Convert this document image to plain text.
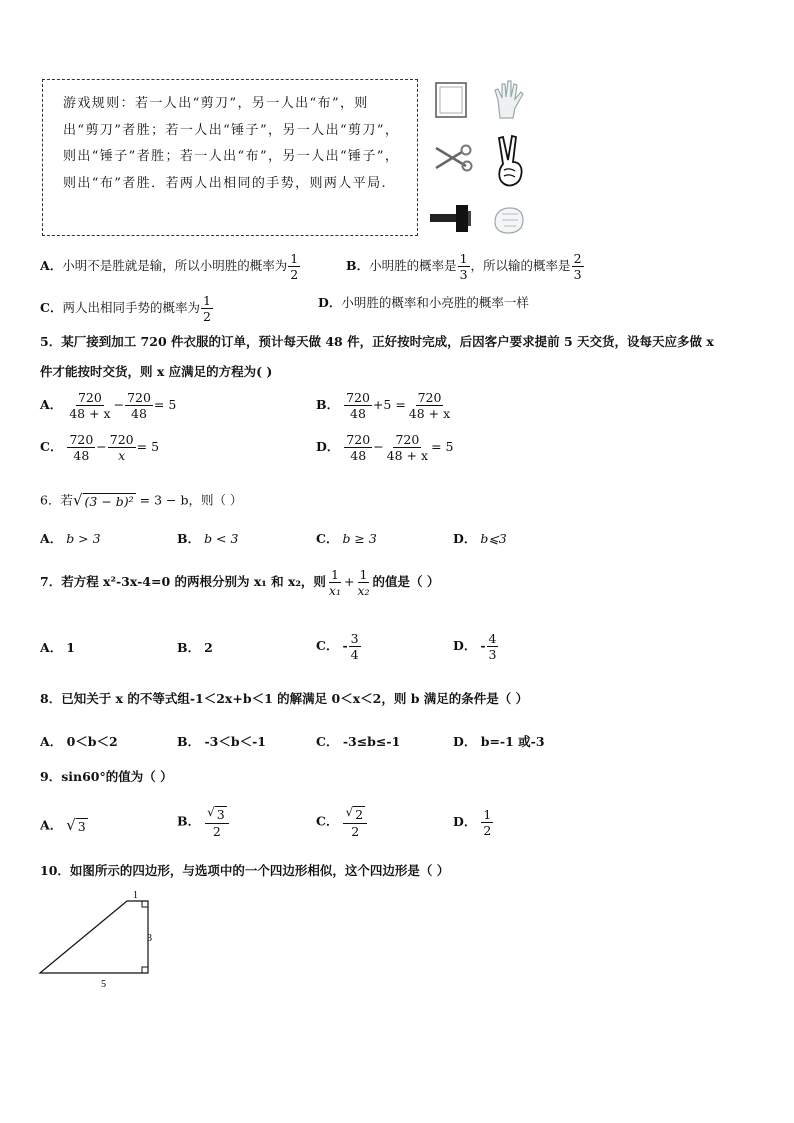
游戏规则：若一人出“剪刀”，另一人出“布”，则出“剪刀”者胜；若一人出“锤子”，另一人出“剪刀”，则出“锤子”者胜；若一人出“布”，另一人出“锤子”，则出“布”者胜．若两人出相同的手势，则两人平局.
A．小明不是胜就是输，所以小明胜的概率为 $\frac{1}{2}$	B．小明胜的概率是 $\frac{1}{3}$ ，所以输的概率是 $\frac{2}{3}$
C．两人出相同手势的概率为 $\frac{1}{2}$	D．小明胜的概率和小亮胜的概率一样
5．某厂接到加工 720 件衣服的订单，预计每天做 48 件，正好按时完成，后因客户要求提前 5 天交货，设每天应多做 x
件才能按时交货，则 x 应满足的方程为( )
A． $\frac{720}{48 + x} - \frac{720}{48} = 5$	B． $\frac{720}{48} +5 = \frac{720}{48 + x}$
C． $\frac{720}{48} - \frac{720}{x} = 5$	D． $\frac{720}{48} - \frac{720}{48 + x} = 5$
6．若 √ (3 − b)² = 3 − b，则（ ）
A． b > 3	B． b < 3	C． b ≥ 3	D． b⩽3
7．若方程 x²-3x-4=0 的两根分别为 x₁ 和 x₂，则 $\frac{1}{\text{x₁}} + \frac{1}{\text{x₂}}$ 的值是（ ）
A． 1	B． 2	C． - $\frac{3}{4}$	D． - $\frac{4}{3}$
8．已知关于 x 的不等式组-1＜2x+b＜1 的解满足 0＜x＜2，则 b 满足的条件是（ ）
A． 0＜b＜2	B． -3＜b＜-1	C． -3≤b≤-1	D． b=-1 或-3
9．sin60°的值为（ ）
A． √ 3	B． $\frac{√ 3}{2}$	C． $\frac{√ 2}{2}$	D． $\frac{1}{2}$
10．如图所示的四边形，与选项中的一个四边形相似，这个四边形是（ ）
1
3
5
